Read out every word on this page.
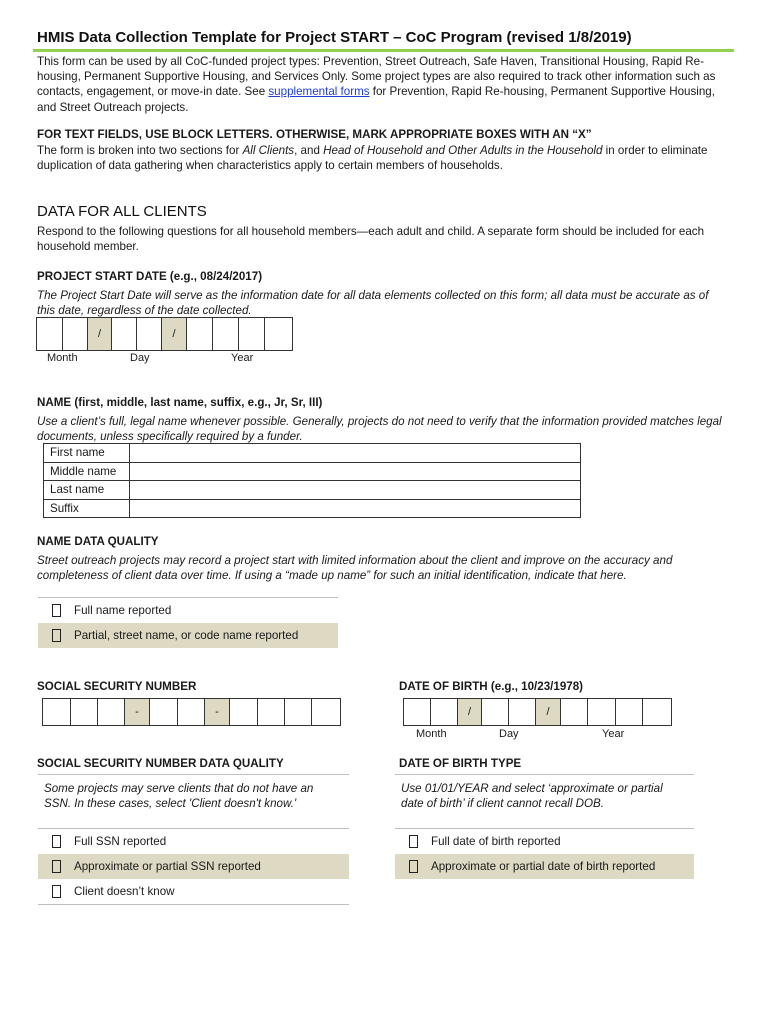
HMIS Data Collection Template for Project START – CoC Program (revised 1/8/2019)
This form can be used by all CoC-funded project types: Prevention, Street Outreach, Safe Haven, Transitional Housing, Rapid Re-housing, Permanent Supportive Housing, and Services Only. Some project types are also required to track other information such as contacts, engagement, or move-in date. See supplemental forms for Prevention, Rapid Re-housing, Permanent Supportive Housing, and Street Outreach projects.
FOR TEXT FIELDS, USE BLOCK LETTERS. OTHERWISE, MARK APPROPRIATE BOXES WITH AN “X”
The form is broken into two sections for All Clients, and Head of Household and Other Adults in the Household in order to eliminate duplication of data gathering when characteristics apply to certain members of households.
DATA FOR ALL CLIENTS
Respond to the following questions for all household members—each adult and child. A separate form should be included for each household member.
PROJECT START DATE (e.g., 08/24/2017)
The Project Start Date will serve as the information date for all data elements collected on this form; all data must be accurate as of this date, regardless of the date collected.
/	/
Month	Day	Year
NAME (first, middle, last name, suffix, e.g., Jr, Sr, III)
Use a client’s full, legal name whenever possible. Generally, projects do not need to verify that the information provided matches legal documents, unless specifically required by a funder.
First name	
Middle name	
Last name	
Suffix	
NAME DATA QUALITY
Street outreach projects may record a project start with limited information about the client and improve on the accuracy and completeness of client data over time. If using a “made up name” for such an initial identification, indicate that here.
Full name reported
Partial, street name, or code name reported
SOCIAL SECURITY NUMBER
-	-
DATE OF BIRTH (e.g., 10/23/1978)
/	/
Month	Day	Year
SOCIAL SECURITY NUMBER DATA QUALITY
Some projects may serve clients that do not have an SSN. In these cases, select 'Client doesn't know.'
Full SSN reported
Approximate or partial SSN reported
Client doesn’t know
DATE OF BIRTH TYPE
Use 01/01/YEAR and select ‘approximate or partial date of birth’ if client cannot recall DOB.
Full date of birth reported
Approximate or partial date of birth reported
